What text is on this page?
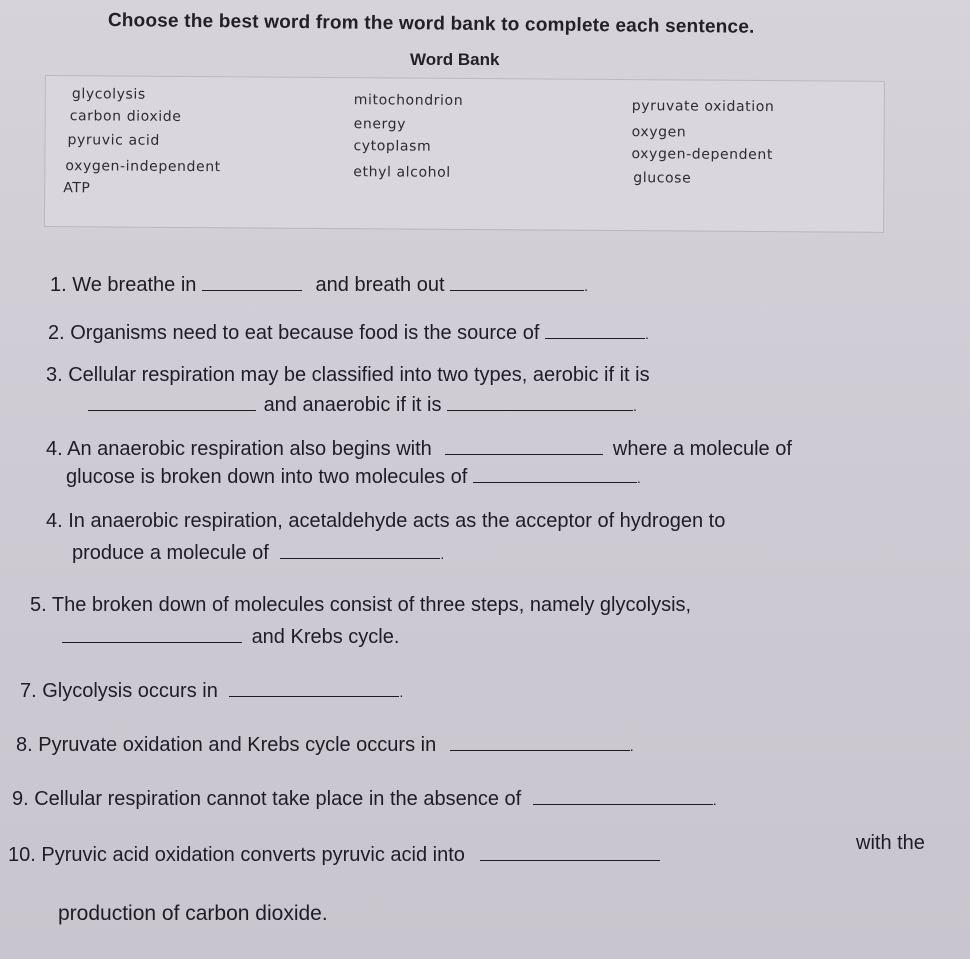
Choose the best word from the word bank to complete each sentence.
Word Bank
glycolysis	mitochondrion	pyruvate oxidation
carbon dioxide	energy	oxygen
pyruvic acid	cytoplasm	oxygen-dependent
oxygen-independent	ethyl alcohol	glucose
ATP
1. We breathe in	and breath out	.
2. Organisms need to eat because food is the source of	.
3. Cellular respiration may be classified into two types, aerobic if it is
and anaerobic if it is	.
4. An anaerobic respiration also begins with	where a molecule of
glucose is broken down into two molecules of	.
4. In anaerobic respiration, acetaldehyde acts as the acceptor of hydrogen to
produce a molecule of	.
5. The broken down of molecules consist of three steps, namely glycolysis,
and Krebs cycle.
7. Glycolysis occurs in	.
8. Pyruvate oxidation and Krebs cycle occurs in	.
9. Cellular respiration cannot take place in the absence of	.
10. Pyruvic acid oxidation converts pyruvic acid into
with the
production of carbon dioxide.
